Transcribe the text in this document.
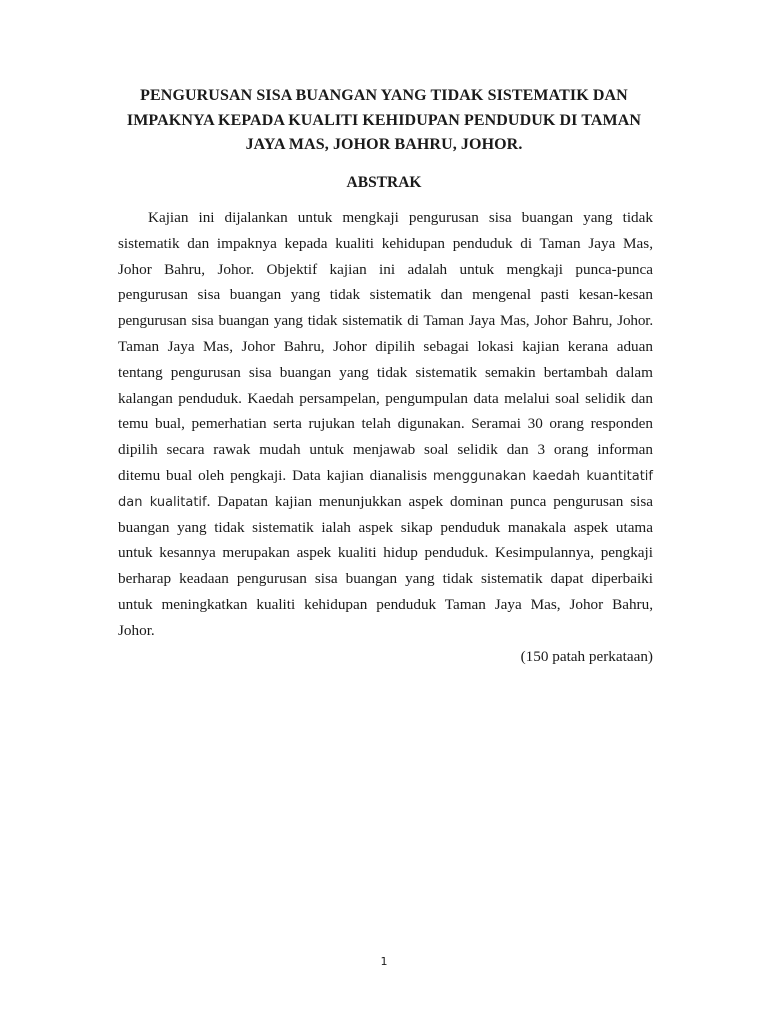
PENGURUSAN SISA BUANGAN YANG TIDAK SISTEMATIK DAN
IMPAKNYA KEPADA KUALITI KEHIDUPAN PENDUDUK DI TAMAN
JAYA MAS, JOHOR BAHRU, JOHOR.
ABSTRAK
Kajian ini dijalankan untuk mengkaji pengurusan sisa buangan yang tidak
sistematik dan impaknya kepada kualiti kehidupan penduduk di Taman Jaya Mas,
Johor Bahru, Johor. Objektif kajian ini adalah untuk mengkaji punca-punca
pengurusan sisa buangan yang tidak sistematik dan mengenal pasti kesan-kesan
pengurusan sisa buangan yang tidak sistematik di Taman Jaya Mas, Johor Bahru, Johor.
Taman Jaya Mas, Johor Bahru, Johor dipilih sebagai lokasi kajian kerana aduan
tentang pengurusan sisa buangan yang tidak sistematik semakin bertambah dalam
kalangan penduduk. Kaedah persampelan, pengumpulan data melalui soal selidik dan
temu bual, pemerhatian serta rujukan telah digunakan. Seramai 30 orang responden
dipilih secara rawak mudah untuk menjawab soal selidik dan 3 orang informan
ditemu bual oleh pengkaji. Data kajian dianalisis menggunakan kaedah kuantitatif
dan kualitatif. Dapatan kajian menunjukkan aspek dominan punca pengurusan sisa
buangan yang tidak sistematik ialah aspek sikap penduduk manakala aspek utama
untuk kesannya merupakan aspek kualiti hidup penduduk. Kesimpulannya, pengkaji
berharap keadaan pengurusan sisa buangan yang tidak sistematik dapat diperbaiki
untuk meningkatkan kualiti kehidupan penduduk Taman Jaya Mas, Johor Bahru,
Johor.
(150 patah perkataan)
1
